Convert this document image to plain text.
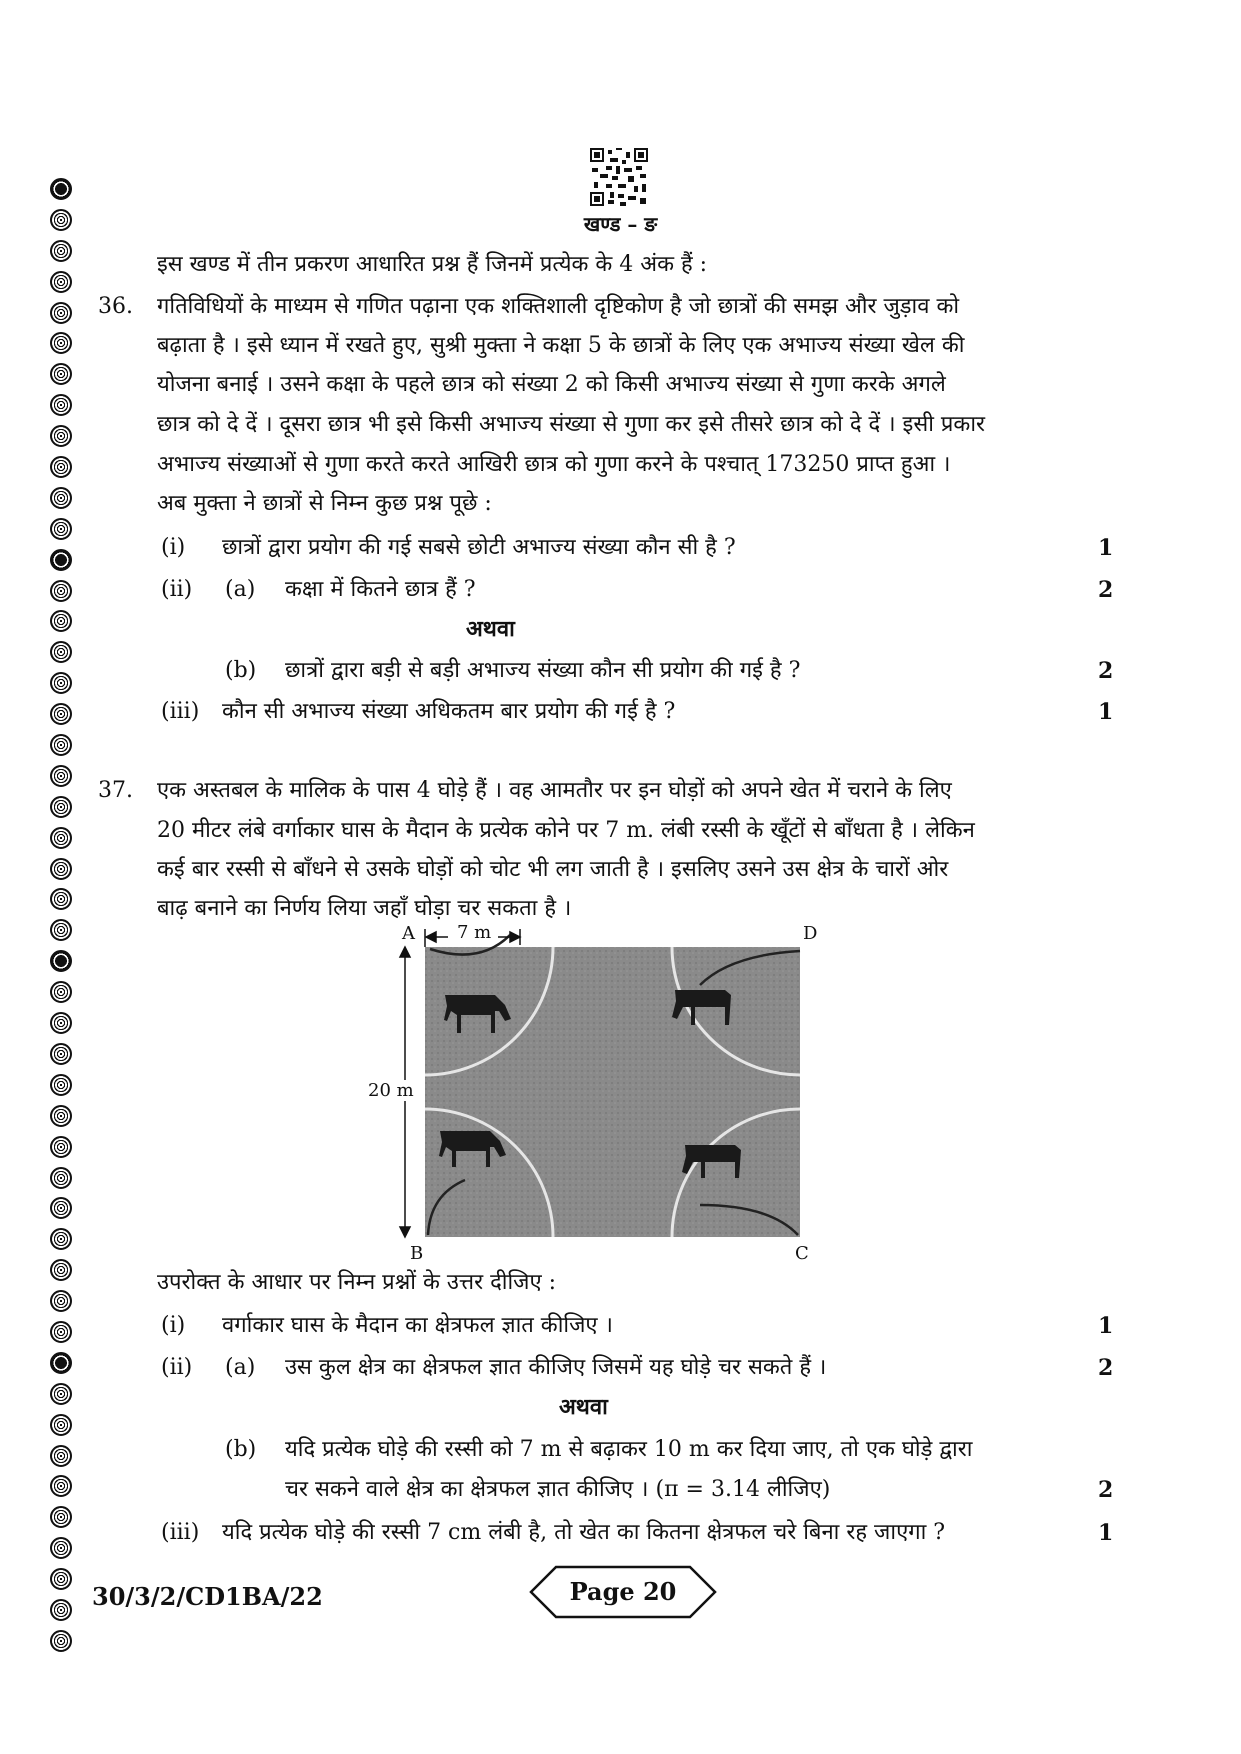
खण्ड – ङ
इस खण्ड में तीन प्रकरण आधारित प्रश्न हैं जिनमें प्रत्येक के 4 अंक हैं :
36. गतिविधियों के माध्यम से गणित पढ़ाना एक शक्तिशाली दृष्टिकोण है जो छात्रों की समझ और जुड़ाव को
बढ़ाता है । इसे ध्यान में रखते हुए, सुश्री मुक्ता ने कक्षा 5 के छात्रों के लिए एक अभाज्य संख्या खेल की
योजना बनाई । उसने कक्षा के पहले छात्र को संख्या 2 को किसी अभाज्य संख्या से गुणा करके अगले
छात्र को दे दें । दूसरा छात्र भी इसे किसी अभाज्य संख्या से गुणा कर इसे तीसरे छात्र को दे दें । इसी प्रकार
अभाज्य संख्याओं से गुणा करते करते आखिरी छात्र को गुणा करने के पश्चात् 173250 प्राप्त हुआ ।
अब मुक्ता ने छात्रों से निम्न कुछ प्रश्न पूछे :
(i) छात्रों द्वारा प्रयोग की गई सबसे छोटी अभाज्य संख्या कौन सी है ?	1
(ii) (a) कक्षा में कितने छात्र हैं ?	2
अथवा
(b) छात्रों द्वारा बड़ी से बड़ी अभाज्य संख्या कौन सी प्रयोग की गई है ?	2
(iii) कौन सी अभाज्य संख्या अधिकतम बार प्रयोग की गई है ?	1
37. एक अस्तबल के मालिक के पास 4 घोड़े हैं । वह आमतौर पर इन घोड़ों को अपने खेत में चराने के लिए
20 मीटर लंबे वर्गाकार घास के मैदान के प्रत्येक कोने पर 7 m. लंबी रस्सी के खूँटों से बाँधता है । लेकिन
कई बार रस्सी से बाँधने से उसके घोड़ों को चोट भी लग जाती है । इसलिए उसने उस क्षेत्र के चारों ओर
बाढ़ बनाने का निर्णय लिया जहाँ घोड़ा चर सकता है ।
A	D
B	C
7 m
20 m
उपरोक्त के आधार पर निम्न प्रश्नों के उत्तर दीजिए :
(i) वर्गाकार घास के मैदान का क्षेत्रफल ज्ञात कीजिए ।	1
(ii) (a) उस कुल क्षेत्र का क्षेत्रफल ज्ञात कीजिए जिसमें यह घोड़े चर सकते हैं ।	2
अथवा
(b) यदि प्रत्येक घोड़े की रस्सी को 7 m से बढ़ाकर 10 m कर दिया जाए, तो एक घोड़े द्वारा
चर सकने वाले क्षेत्र का क्षेत्रफल ज्ञात कीजिए । (π = 3.14 लीजिए)	2
(iii) यदि प्रत्येक घोड़े की रस्सी 7 cm लंबी है, तो खेत का कितना क्षेत्रफल चरे बिना रह जाएगा ?	1
30/3/2/CD1BA/22	Page 20
